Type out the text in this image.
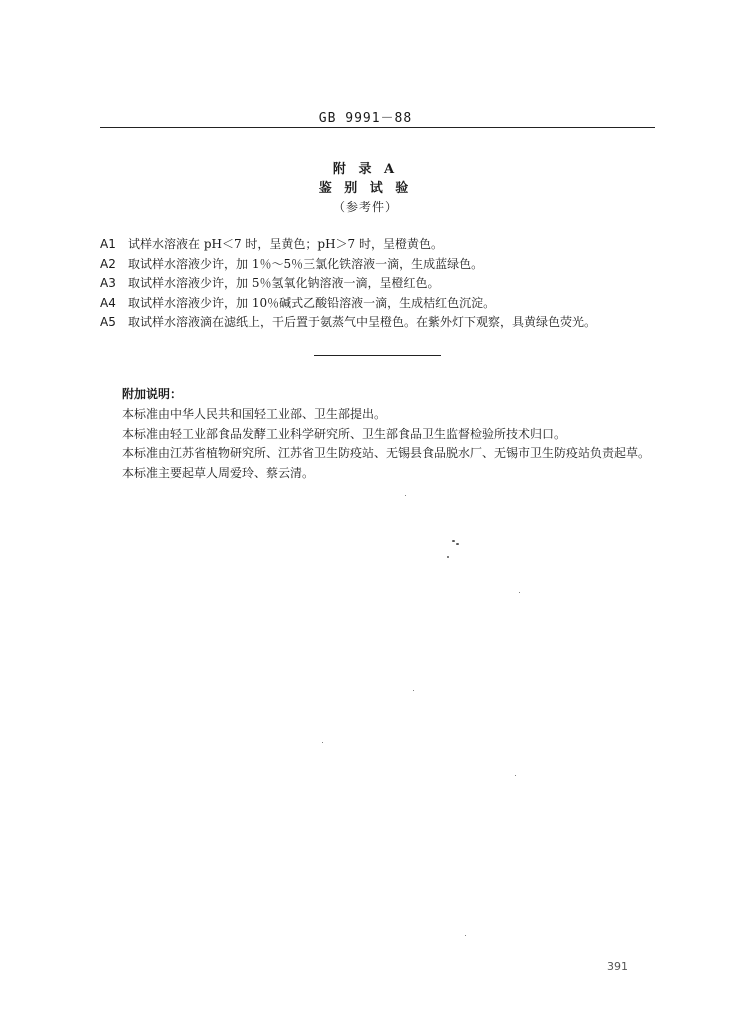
GB 9991－88

附 录 A

鉴 别 试 验

（参考件）

A1	试样水溶液在 pH＜7 时，呈黄色；pH＞7 时，呈橙黄色。
A2	取试样水溶液少许，加 1％～5％三氯化铁溶液一滴，生成蓝绿色。
A3	取试样水溶液少许，加 5％氢氧化钠溶液一滴，呈橙红色。
A4	取试样水溶液少许，加 10％碱式乙酸铅溶液一滴，生成桔红色沉淀。
A5	取试样水溶液滴在滤纸上，干后置于氨蒸气中呈橙色。在紫外灯下观察，具黄绿色荧光。

附加说明：

本标准由中华人民共和国轻工业部、卫生部提出。

本标准由轻工业部食品发酵工业科学研究所、卫生部食品卫生监督检验所技术归口。

本标准由江苏省植物研究所、江苏省卫生防疫站、无锡县食品脱水厂、无锡市卫生防疫站负责起草。

本标准主要起草人周爱玲、蔡云清。

391
